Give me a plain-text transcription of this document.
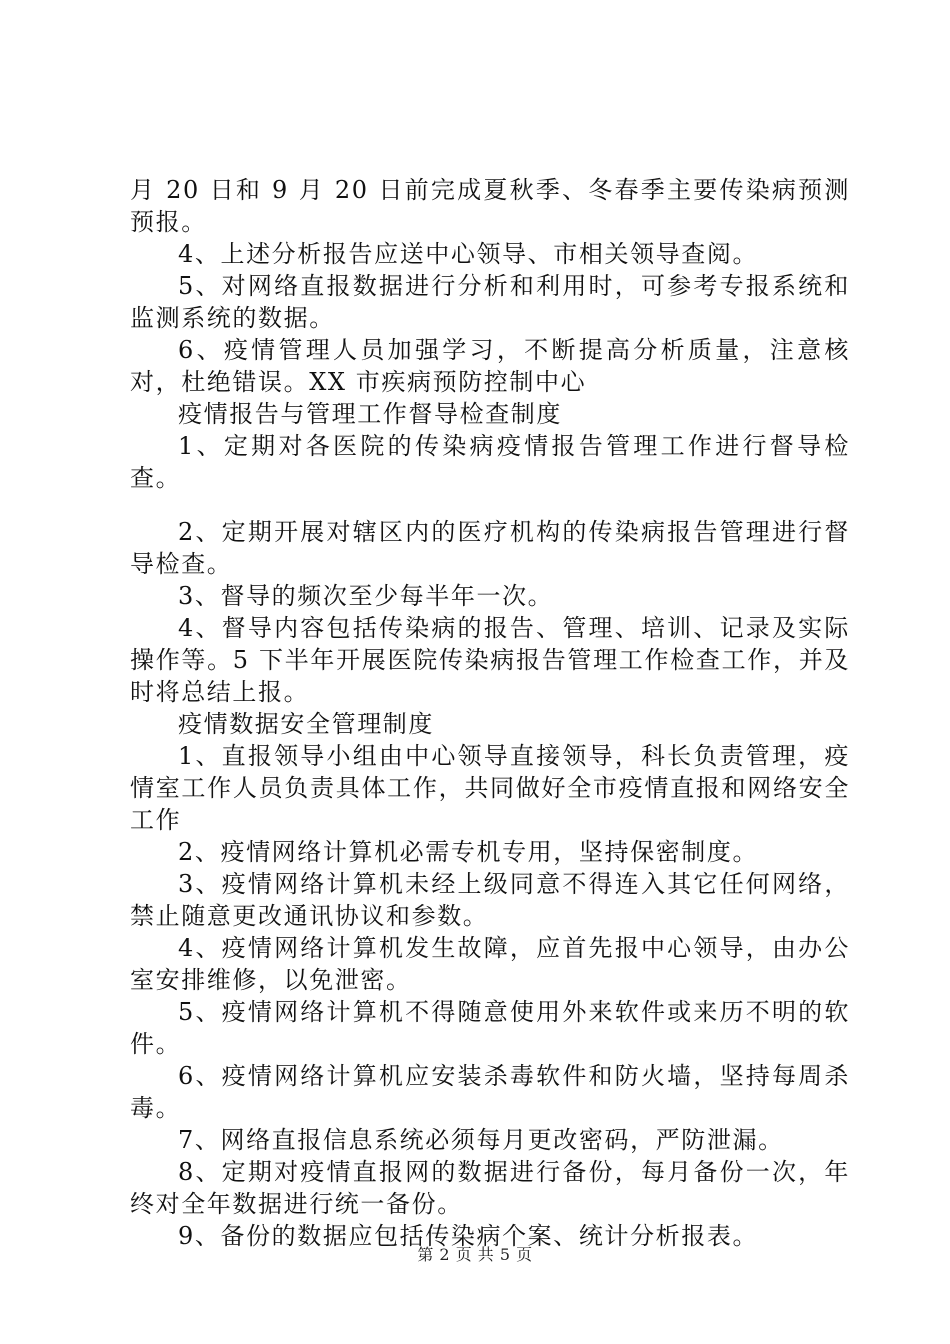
月 20 日和 9 月 20 日前完成夏秋季、冬春季主要传染病预测预报。

4、上述分析报告应送中心领导、市相关领导查阅。

5、对网络直报数据进行分析和利用时，可参考专报系统和监测系统的数据。

6、疫情管理人员加强学习，不断提高分析质量，注意核对，杜绝错误。XX 市疾病预防控制中心

疫情报告与管理工作督导检查制度

1、定期对各医院的传染病疫情报告管理工作进行督导检查。

2、定期开展对辖区内的医疗机构的传染病报告管理进行督导检查。

3、督导的频次至少每半年一次。

4、督导内容包括传染病的报告、管理、培训、记录及实际操作等。5 下半年开展医院传染病报告管理工作检查工作，并及时将总结上报。

疫情数据安全管理制度

1、直报领导小组由中心领导直接领导，科长负责管理，疫情室工作人员负责具体工作，共同做好全市疫情直报和网络安全工作

2、疫情网络计算机必需专机专用，坚持保密制度。

3、疫情网络计算机未经上级同意不得连入其它任何网络，禁止随意更改通讯协议和参数。

4、疫情网络计算机发生故障，应首先报中心领导，由办公室安排维修，以免泄密。

5、疫情网络计算机不得随意使用外来软件或来历不明的软件。

6、疫情网络计算机应安装杀毒软件和防火墙，坚持每周杀毒。

7、网络直报信息系统必须每月更改密码，严防泄漏。

8、定期对疫情直报网的数据进行备份，每月备份一次，年终对全年数据进行统一备份。

9、备份的数据应包括传染病个案、统计分析报表。

第 2 页 共 5 页
